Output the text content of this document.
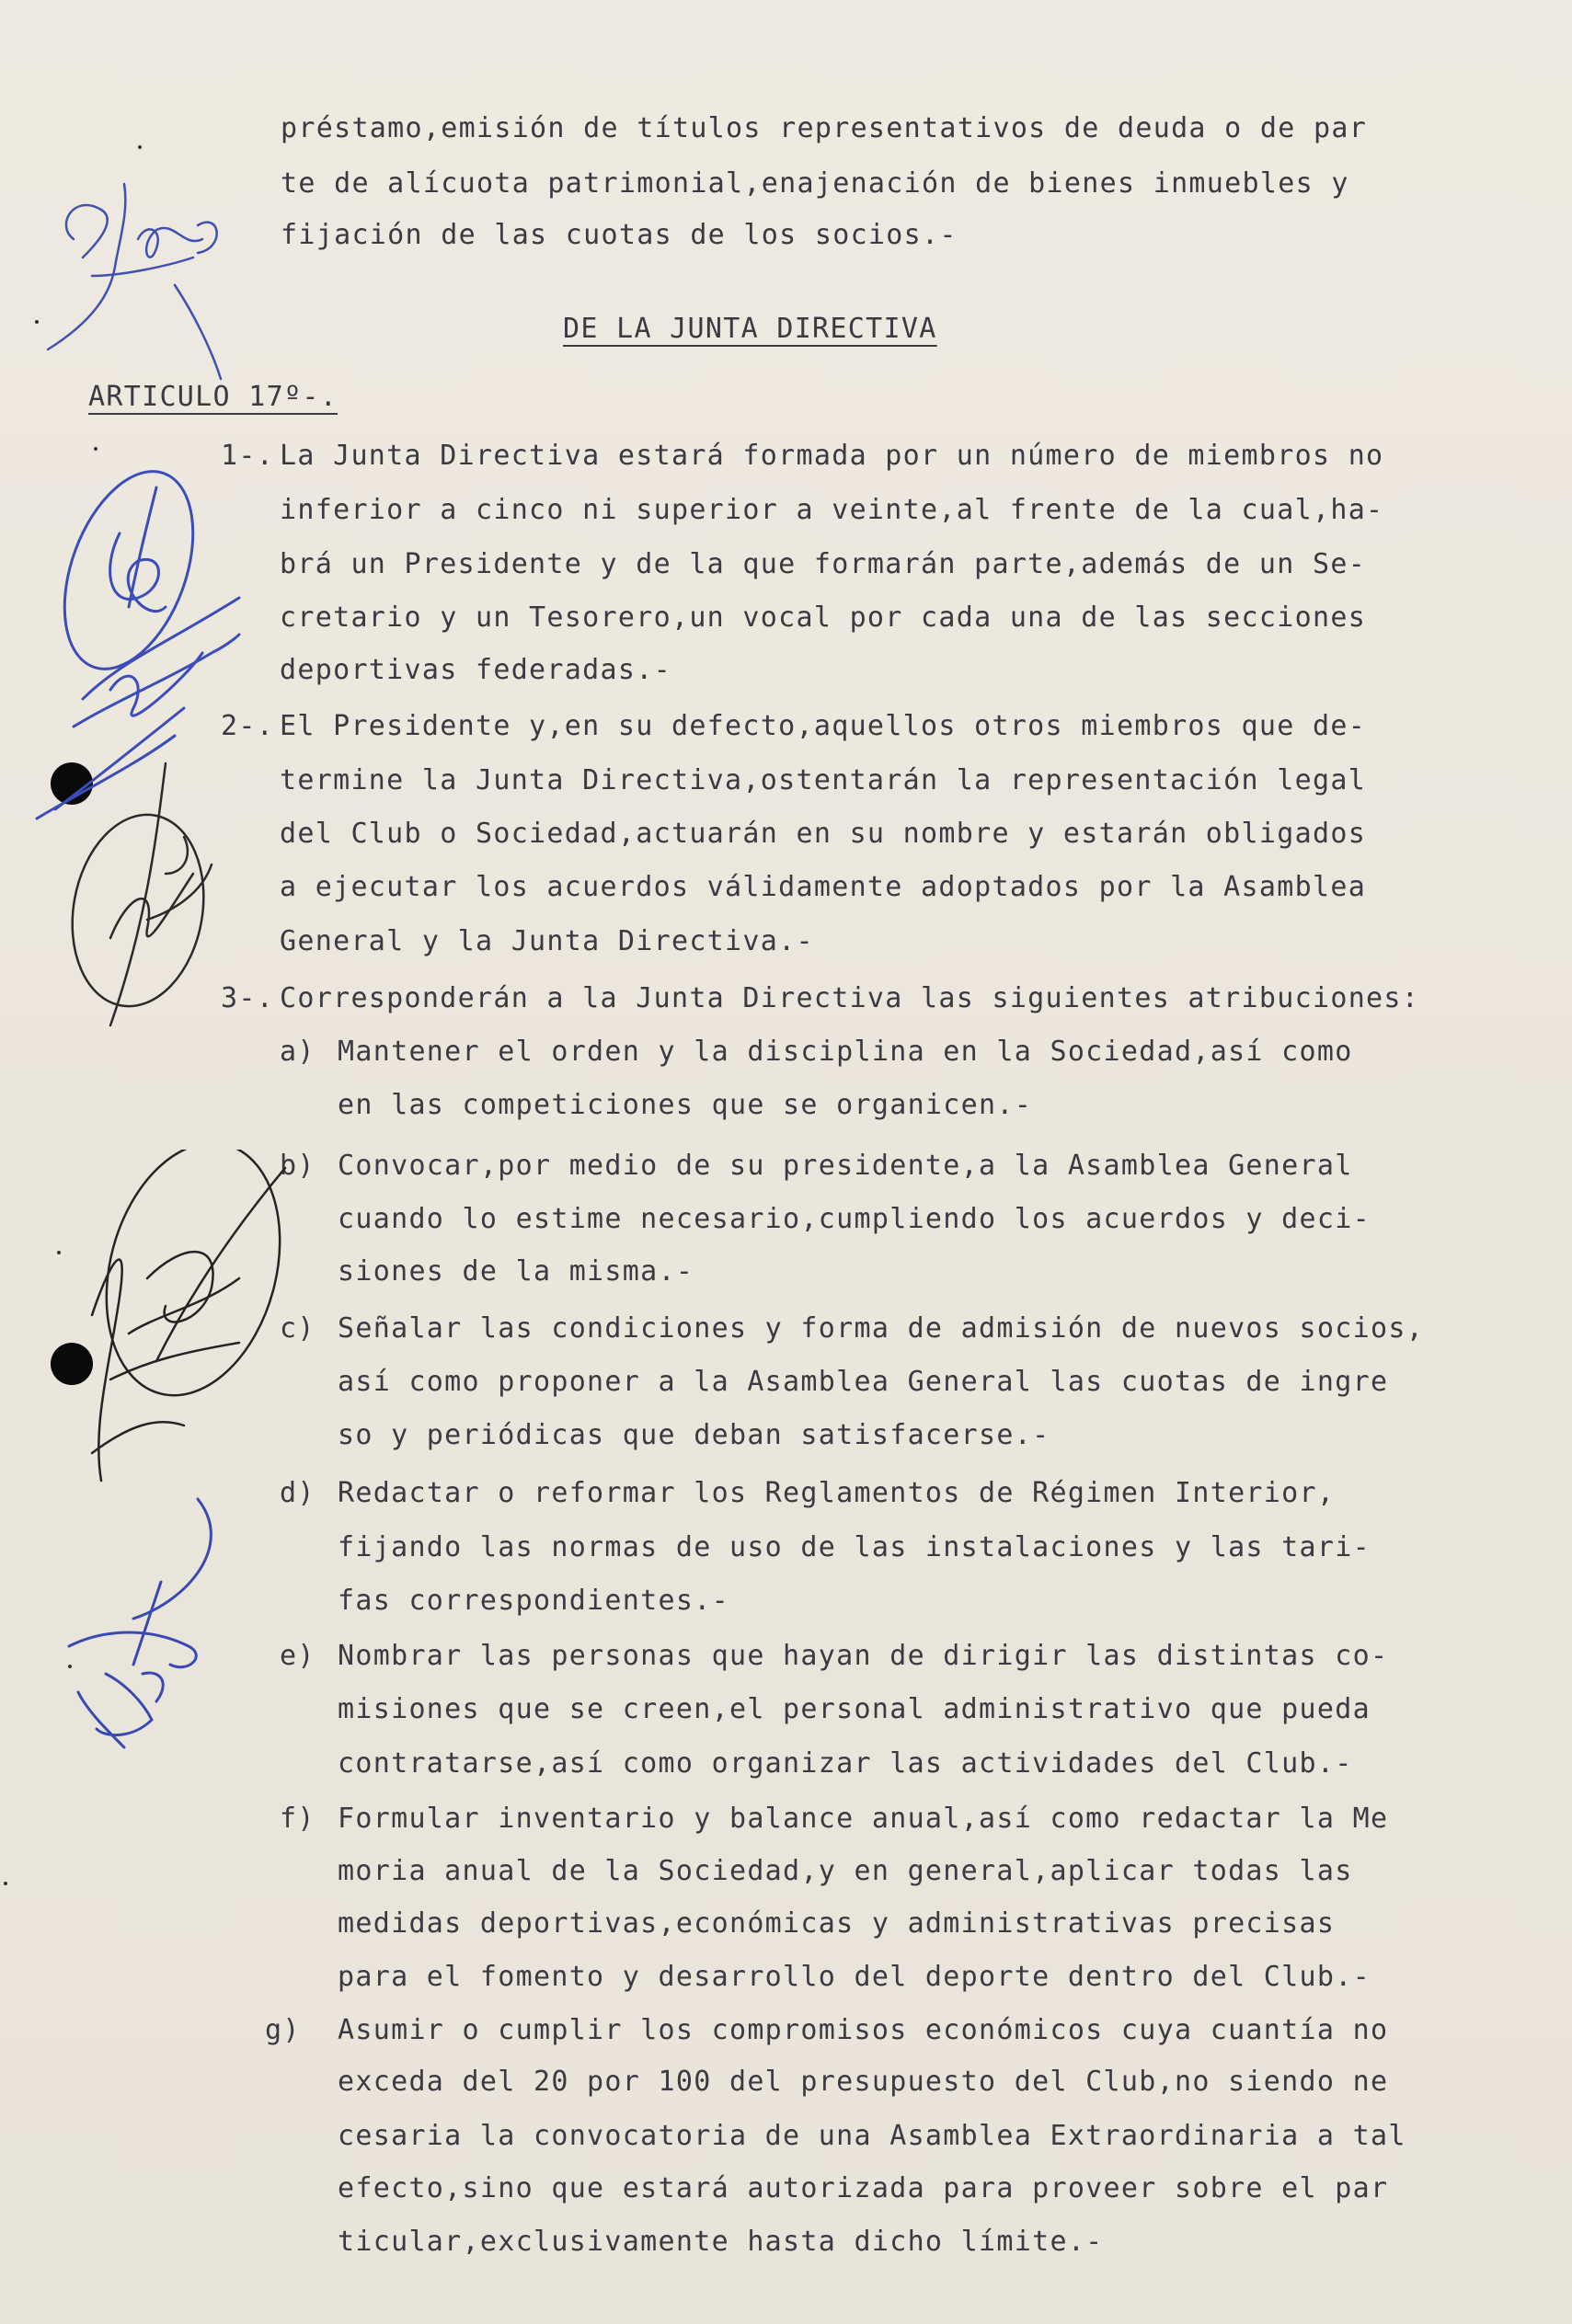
préstamo,emisión de títulos representativos de deuda o de par
te de alícuota patrimonial,enajenación de bienes inmuebles y
fijación de las cuotas de los socios.-
DE LA JUNTA DIRECTIVA
ARTICULO 17º-.
1-. La Junta Directiva estará formada por un número de miembros no
inferior a cinco ni superior a veinte,al frente de la cual,ha-
brá un Presidente y de la que formarán parte,además de un Se-
cretario y un Tesorero,un vocal por cada una de las secciones
deportivas federadas.-
2-. El Presidente y,en su defecto,aquellos otros miembros que de-
termine la Junta Directiva,ostentarán la representación legal
del Club o Sociedad,actuarán en su nombre y estarán obligados
a ejecutar los acuerdos válidamente adoptados por la Asamblea
General y la Junta Directiva.-
3-. Corresponderán a la Junta Directiva las siguientes atribuciones:
a) Mantener el orden y la disciplina en la Sociedad,así como
en las competiciones que se organicen.-
b) Convocar,por medio de su presidente,a la Asamblea General
cuando lo estime necesario,cumpliendo los acuerdos y deci-
siones de la misma.-
c) Señalar las condiciones y forma de admisión de nuevos socios,
así como proponer a la Asamblea General las cuotas de ingre
so y periódicas que deban satisfacerse.-
d) Redactar o reformar los Reglamentos de Régimen Interior,
fijando las normas de uso de las instalaciones y las tari-
fas correspondientes.-
e) Nombrar las personas que hayan de dirigir las distintas co-
misiones que se creen,el personal administrativo que pueda
contratarse,así como organizar las actividades del Club.-
f) Formular inventario y balance anual,así como redactar la Me
moria anual de la Sociedad,y en general,aplicar todas las
medidas deportivas,económicas y administrativas precisas
para el fomento y desarrollo del deporte dentro del Club.-
g) Asumir o cumplir los compromisos económicos cuya cuantía no
exceda del 20 por 100 del presupuesto del Club,no siendo ne
cesaria la convocatoria de una Asamblea Extraordinaria a tal
efecto,sino que estará autorizada para proveer sobre el par
ticular,exclusivamente hasta dicho límite.-
